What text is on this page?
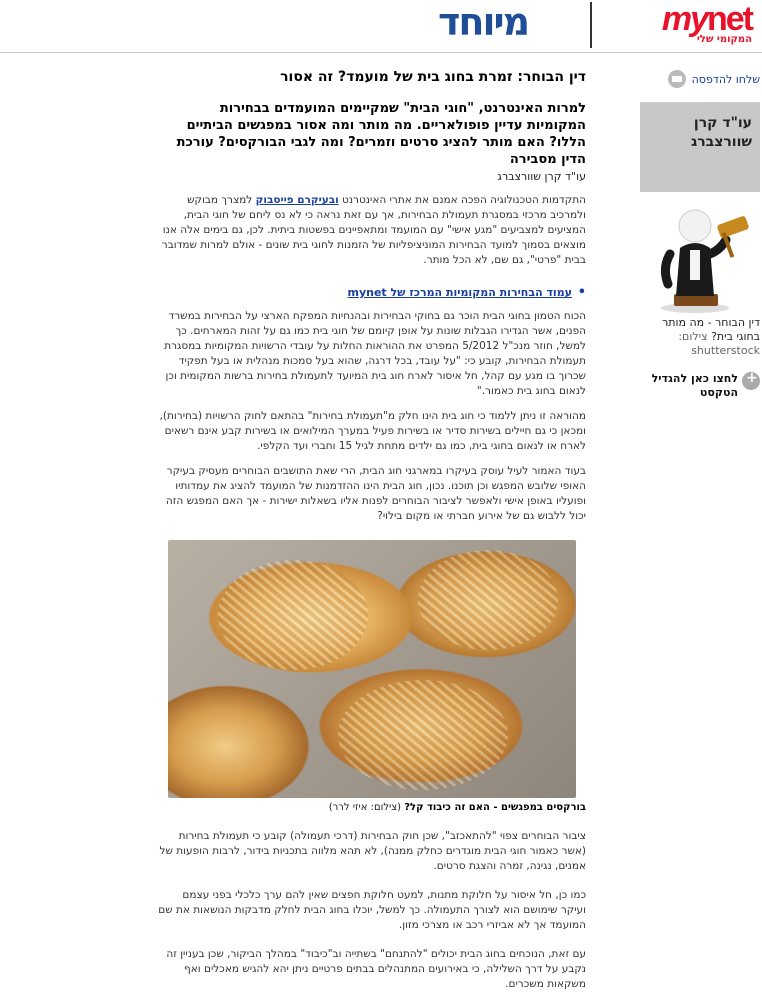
mynet
המקומי שלי
מיוחד
שלחו להדפסה
עו"ד קרן שוורצברג
דין הבוחר - מה מותר בחוגי בית? צילום: shutterstock
+
לחצו כאן להגדיל הטקסט
דין הבוחר: זמרת בחוג בית של מועמד? זה אסור
למרות האינטרנט, "חוגי הבית" שמקיימים המועמדים בבחירות המקומיות עדיין פופולאריים. מה מותר ומה אסור במפגשים הביתיים הללו? האם מותר להציג סרטים וזמרים? ומה לגבי הבורקסים? עורכת הדין מסבירה
עו"ד קרן שוורצברג

התקדמות הטכנולוגיה הפכה אמנם את אתרי האינטרנט ובעיקרם פייסבוק למצרך מבוקש ולמרכיב מרכזי במסגרת תעמולת הבחירות, אך עם זאת נראה כי לא נס ליחם של חוגי הבית, המציעים למצביעים "מגע אישי" עם המועמד ומתאפיינים בפשטות ביתית. לכן, גם בימים אלה אנו מוצאים בסמוך למועד הבחירות המוניציפליות של הזמנות לחוגי בית שונים - אולם למרות שמדובר בבית "פרטי", גם שם, לא הכל מותר.

• עמוד הבחירות המקומיות המרכז של mynet

הכוח הטמון בחוגי הבית הוכר גם בחוקי הבחירות ובהנחיות המפקח הארצי על הבחירות במשרד הפנים, אשר הגדירו הגבלות שונות על אופן קיומם של חוגי בית כמו גם על זהות המארחים. כך למשל, חוזר מנכ"ל 5/2012 המפרט את ההוראות החלות על עובדי הרשויות המקומיות במסגרת תעמולת הבחירות, קובע כי: "על עובד, בכל דרגה, שהוא בעל סמכות מנהלית או בעל תפקיד שכרוך בו מגע עם קהל, חל איסור לארח חוג בית המיועד לתעמולת בחירות ברשות המקומית וכן לנאום בחוג בית כאמור."

מהוראה זו ניתן ללמוד כי חוג בית הינו חלק מ"תעמולת בחירות" בהתאם לחוק הרשויות (בחירות), ומכאן כי גם חיילים בשירות סדיר או בשירות פעיל במערך המילואים או בשירות קבע אינם רשאים לארח או לנאום בחוגי בית, כמו גם ילדים מתחת לגיל 15 וחברי ועד הקלפי.

בעוד האמור לעיל עוסק בעיקרו במארגני חוג הבית, הרי שאת התושבים הבוחרים מעסיק בעיקר האופי שלובש המפגש וכן תוכנו. נכון, חוג הבית הינו ההזדמנות של המועמד להציג את עמדותיו ופועליו באופן אישי ולאפשר לציבור הבוחרים לפנות אליו בשאלות ישירות - אך האם המפגש הזה יכול ללבוש גם של אירוע חברתי או מקום בילוי?

בורקסים במפגשים - האם זה כיבוד קל? (צילום: איזי לרר)

ציבור הבוחרים צפוי "להתאכזב", שכן חוק הבחירות (דרכי תעמולה) קובע כי תעמולת בחירות (אשר כאמור חוגי הבית מוגדרים כחלק ממנה), לא תהא מלווה בתכניות בידור, לרבות הופעות של אמנים, נגינה, זמרה והצגת סרטים.

כמו כן, חל איסור על חלוקת מתנות, למעט חלוקת חפצים שאין להם ערך כלכלי בפני עצמם ועיקר שימושם הוא לצורך התעמולה. כך למשל, יוכלו בחוג הבית לחלק מדבקות הנושאות את שם המועמד אך לא אביזרי רכב או מצרכי מזון.

עם זאת, הנוכחים בחוג הבית יכולים "להתנחם" בשתייה וב"כיבוד" במהלך הביקור, שכן בעניין זה נקבע על דרך השלילה, כי באירועים המתנהלים בבתים פרטיים ניתן יהא להגיש מאכלים ואף משקאות משכרים.
